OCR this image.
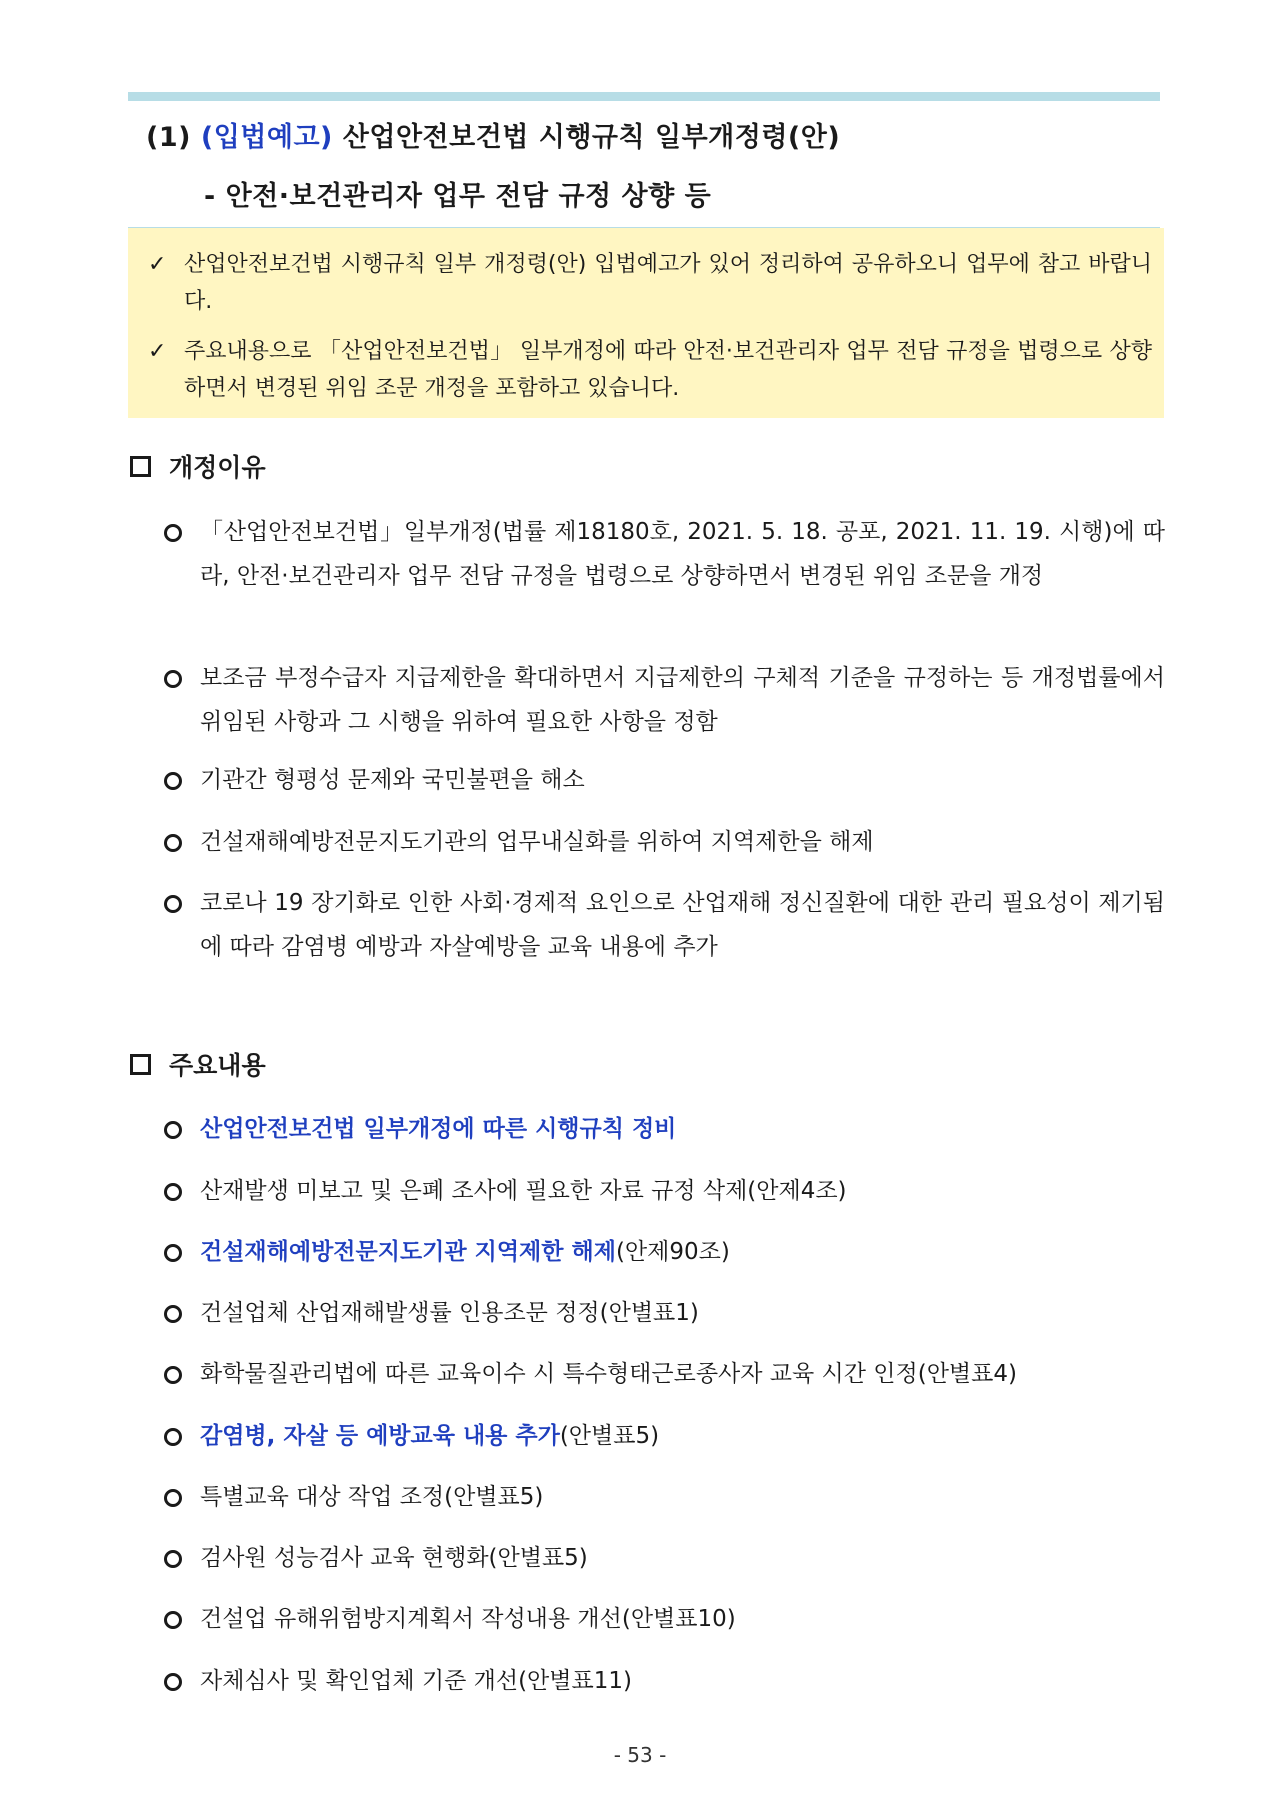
(1) (입법예고) 산업안전보건법 시행규칙 일부개정령(안)
- 안전·보건관리자 업무 전담 규정 상향 등
✓ 산업안전보건법 시행규칙 일부 개정령(안) 입법예고가 있어 정리하여 공유하오니 업무에 참고 바랍니다.
✓ 주요내용으로 「산업안전보건법」 일부개정에 따라 안전·보건관리자 업무 전담 규정을 법령으로 상향하면서 변경된 위임 조문 개정을 포함하고 있습니다.
개정이유
「산업안전보건법」일부개정(법률 제18180호, 2021. 5. 18. 공포, 2021. 11. 19. 시행)에 따라, 안전·보건관리자 업무 전담 규정을 법령으로 상향하면서 변경된 위임 조문을 개정
보조금 부정수급자 지급제한을 확대하면서 지급제한의 구체적 기준을 규정하는 등 개정법률에서 위임된 사항과 그 시행을 위하여 필요한 사항을 정함
기관간 형평성 문제와 국민불편을 해소
건설재해예방전문지도기관의 업무내실화를 위하여 지역제한을 해제
코로나 19 장기화로 인한 사회·경제적 요인으로 산업재해 정신질환에 대한 관리 필요성이 제기됨에 따라 감염병 예방과 자살예방을 교육 내용에 추가
주요내용
산업안전보건법 일부개정에 따른 시행규칙 정비
산재발생 미보고 및 은폐 조사에 필요한 자료 규정 삭제(안제4조)
건설재해예방전문지도기관 지역제한 해제(안제90조)
건설업체 산업재해발생률 인용조문 정정(안별표1)
화학물질관리법에 따른 교육이수 시 특수형태근로종사자 교육 시간 인정(안별표4)
감염병, 자살 등 예방교육 내용 추가(안별표5)
특별교육 대상 작업 조정(안별표5)
검사원 성능검사 교육 현행화(안별표5)
건설업 유해위험방지계획서 작성내용 개선(안별표10)
자체심사 및 확인업체 기준 개선(안별표11)
- 53 -
